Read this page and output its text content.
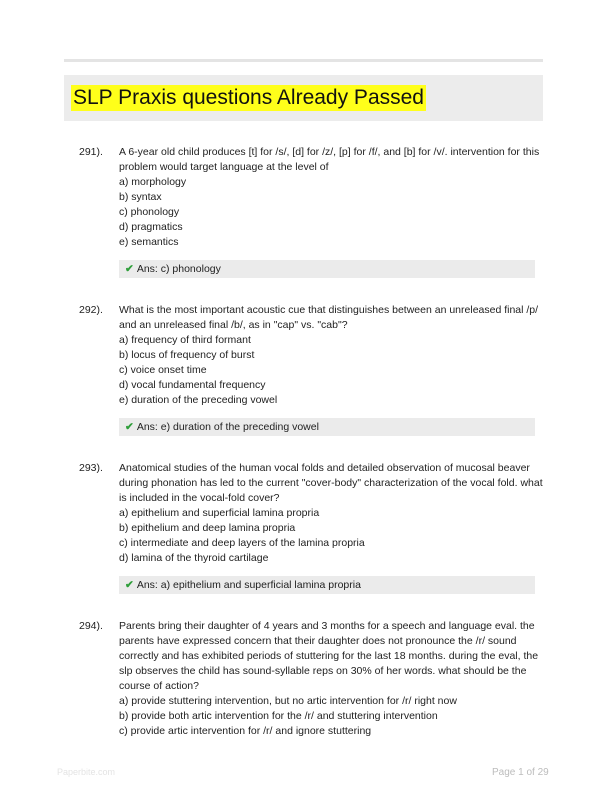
SLP Praxis questions Already Passed
291).	A 6-year old child produces [t] for /s/, [d] for /z/, [p] for /f/, and [b] for /v/. intervention for this problem would target language at the level of

a) morphology

b) syntax

c) phonology

d) pragmatics

e) semantics

✔ Ans: c) phonology
292).	What is the most important acoustic cue that distinguishes between an unreleased final /p/ and an unreleased final /b/, as in "cap" vs. "cab"?

a) frequency of third formant

b) locus of frequency of burst

c) voice onset time

d) vocal fundamental frequency

e) duration of the preceding vowel

✔ Ans: e) duration of the preceding vowel
293).	Anatomical studies of the human vocal folds and detailed observation of mucosal beaver during phonation has led to the current "cover-body" characterization of the vocal fold. what is included in the vocal-fold cover?

a) epithelium and superficial lamina propria

b) epithelium and deep lamina propria

c) intermediate and deep layers of the lamina propria

d) lamina of the thyroid cartilage

✔ Ans: a) epithelium and superficial lamina propria
294).	Parents bring their daughter of 4 years and 3 months for a speech and language eval. the parents have expressed concern that their daughter does not pronounce the /r/ sound correctly and has exhibited periods of stuttering for the last 18 months. during the eval, the slp observes the child has sound-syllable reps on 30% of her words. what should be the course of action?

a) provide stuttering intervention, but no artic intervention for /r/ right now

b) provide both artic intervention for the /r/ and stuttering intervention

c) provide artic intervention for /r/ and ignore stuttering

Paperbite.com	Page 1 of 29
